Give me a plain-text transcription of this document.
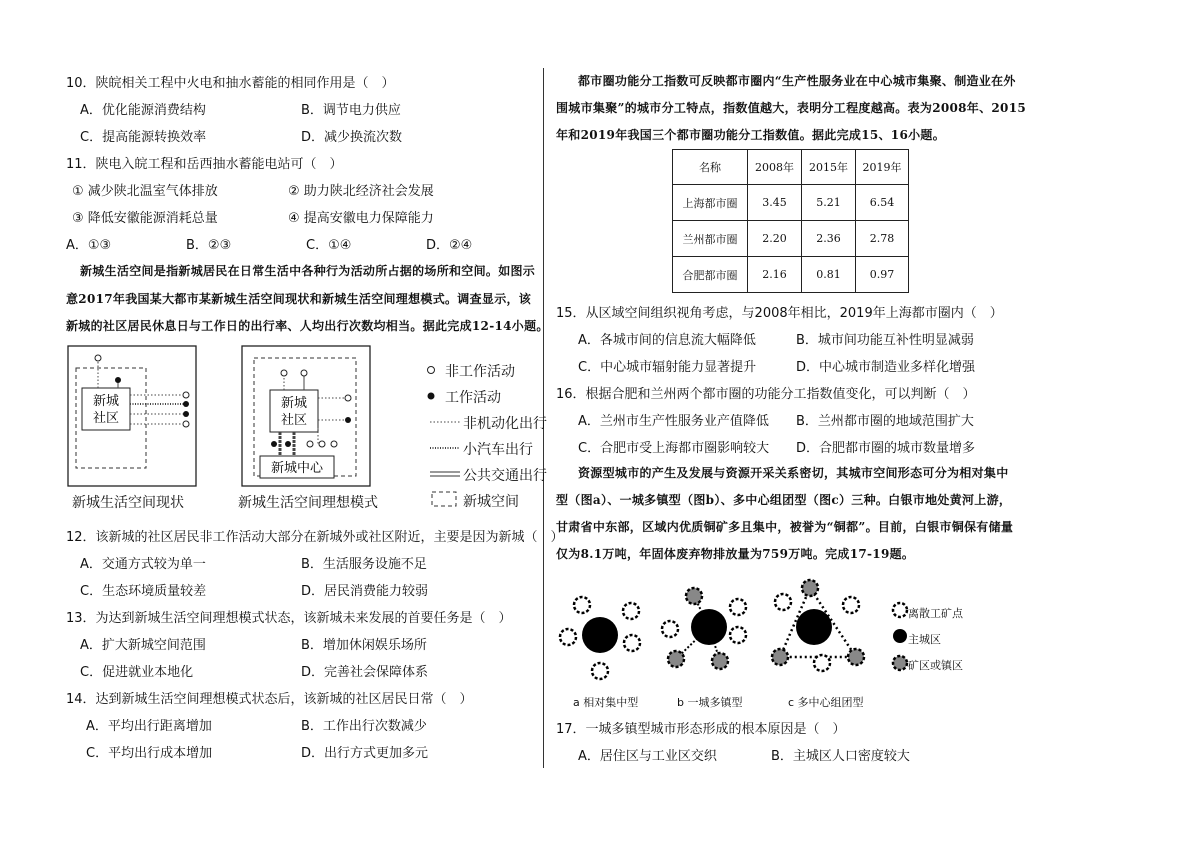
10．陕皖相关工程中火电和抽水蓄能的相同作用是（　）
A．优化能源消费结构	B．调节电力供应
C．提高能源转换效率	D．减少换流次数
11．陕电入皖工程和岳西抽水蓄能电站可（　）
① 减少陕北温室气体排放	② 助力陕北经济社会发展
③ 降低安徽能源消耗总量	④ 提高安徽电力保障能力
A．①③	B．②③	C．①④	D．②④
新城生活空间是指新城居民在日常生活中各种行为活动所占据的场所和空间。如图示
意2017年我国某大都市某新城生活空间现状和新城生活空间理想模式。调查显示，该
新城的社区居民休息日与工作日的出行率、人均出行次数均相当。据此完成12-14小题。
新城
社区
新城
社区
新城中心
新城生活空间现状	新城生活空间理想模式
非工作活动
工作活动
非机动化出行
小汽车出行
公共交通出行
新城空间
12．该新城的社区居民非工作活动大部分在新城外或社区附近，主要是因为新城（　）
A．交通方式较为单一	B．生活服务设施不足
C．生态环境质量较差	D．居民消费能力较弱
13．为达到新城生活空间理想模式状态，该新城未来发展的首要任务是（　）
A．扩大新城空间范围	B．增加休闲娱乐场所
C．促进就业本地化	D．完善社会保障体系
14．达到新城生活空间理想模式状态后，该新城的社区居民日常（　）
A．平均出行距离增加	B．工作出行次数减少
C．平均出行成本增加	D．出行方式更加多元
都市圈功能分工指数可反映都市圈内“生产性服务业在中心城市集聚、制造业在外
围城市集聚”的城市分工特点，指数值越大，表明分工程度越高。表为2008年、2015
年和2019年我国三个都市圈功能分工指数值。据此完成15、16小题。
名称	2008年	2015年	2019年
上海都市圈	3.45	5.21	6.54
兰州都市圈	2.20	2.36	2.78
合肥都市圈	2.16	0.81	0.97
15．从区域空间组织视角考虑，与2008年相比，2019年上海都市圈内（　）
A．各城市间的信息流大幅降低	B．城市间功能互补性明显减弱
C．中心城市辐射能力显著提升	D．中心城市制造业多样化增强
16．根据合肥和兰州两个都市圈的功能分工指数值变化，可以判断（　）
A．兰州市生产性服务业产值降低 B．兰州都市圈的地域范围扩大
C．合肥市受上海都市圈影响较大 D．合肥都市圈的城市数量增多
资源型城市的产生及发展与资源开采关系密切，其城市空间形态可分为相对集中
型（图a）、一城多镇型（图b）、多中心组团型（图c）三种。白银市地处黄河上游，
甘肃省中东部，区域内优质铜矿多且集中，被誉为“铜都”。目前，白银市铜保有储量
仅为8.1万吨，年固体废弃物排放量为759万吨。完成17-19题。
离散工矿点
主城区
矿区或镇区
a 相对集中型	b 一城多镇型	c 多中心组团型
17．一城多镇型城市形态形成的根本原因是（　）
A．居住区与工业区交织	B．主城区人口密度较大
